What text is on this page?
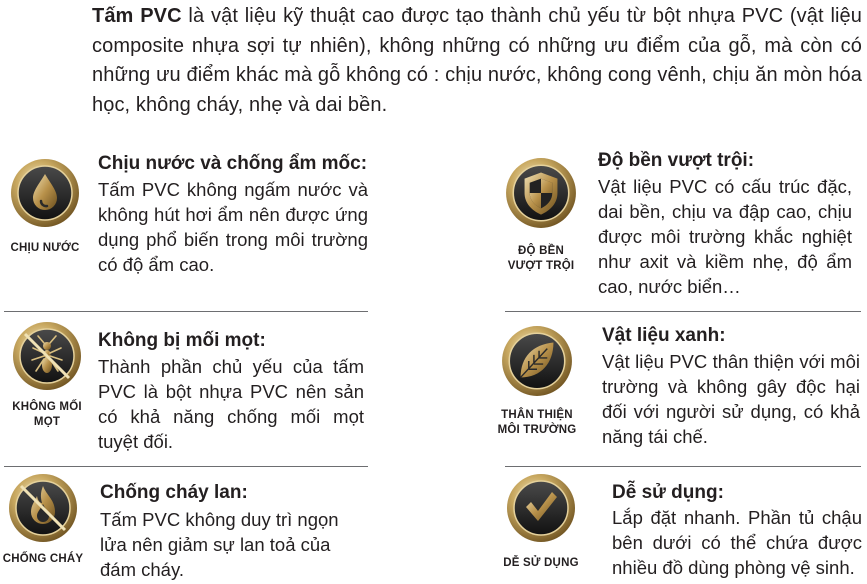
Tấm PVC là vật liệu kỹ thuật cao được tạo thành chủ yếu từ bột nhựa PVC (vật liệu composite nhựa sợi tự nhiên), không những có những ưu điểm của gỗ, mà còn có những ưu điểm khác mà gỗ không có : chịu nước, không cong vênh, chịu ăn mòn hóa học, không cháy, nhẹ và dai bền.
CHỊU NƯỚC
Chịu nước và chống ẩm mốc:
Tấm PVC không ngấm nước và không hút hơi ẩm nên được ứng dụng phổ biến trong môi trường có độ ẩm cao.
ĐỘ BỀN VƯỢT TRỘI
Độ bền vượt trội:
Vật liệu PVC có cấu trúc đặc, dai bền, chịu va đập cao, chịu được môi trường khắc nghiệt như axit và kiềm nhẹ, độ ẩm cao, nước biển…
KHÔNG MỐI MỌT
Không bị mối mọt:
Thành phần chủ yếu của tấm PVC là bột nhựa PVC nên sản có khả năng chống mối mọt tuyệt đối.
THÂN THIỆN MÔI TRƯỜNG
Vật liệu xanh:
Vật liệu PVC thân thiện với môi trường và không gây độc hại đối với người sử dụng, có khả năng tái chế.
CHỐNG CHÁY
Chống cháy lan:
Tấm PVC không duy trì ngọn lửa nên giảm sự lan toả của đám cháy.	DỄ SỬ DỤNG
Dễ sử dụng:
Lắp đặt nhanh. Phần tủ chậu bên dưới có thể chứa được nhiều đồ dùng phòng vệ sinh.
